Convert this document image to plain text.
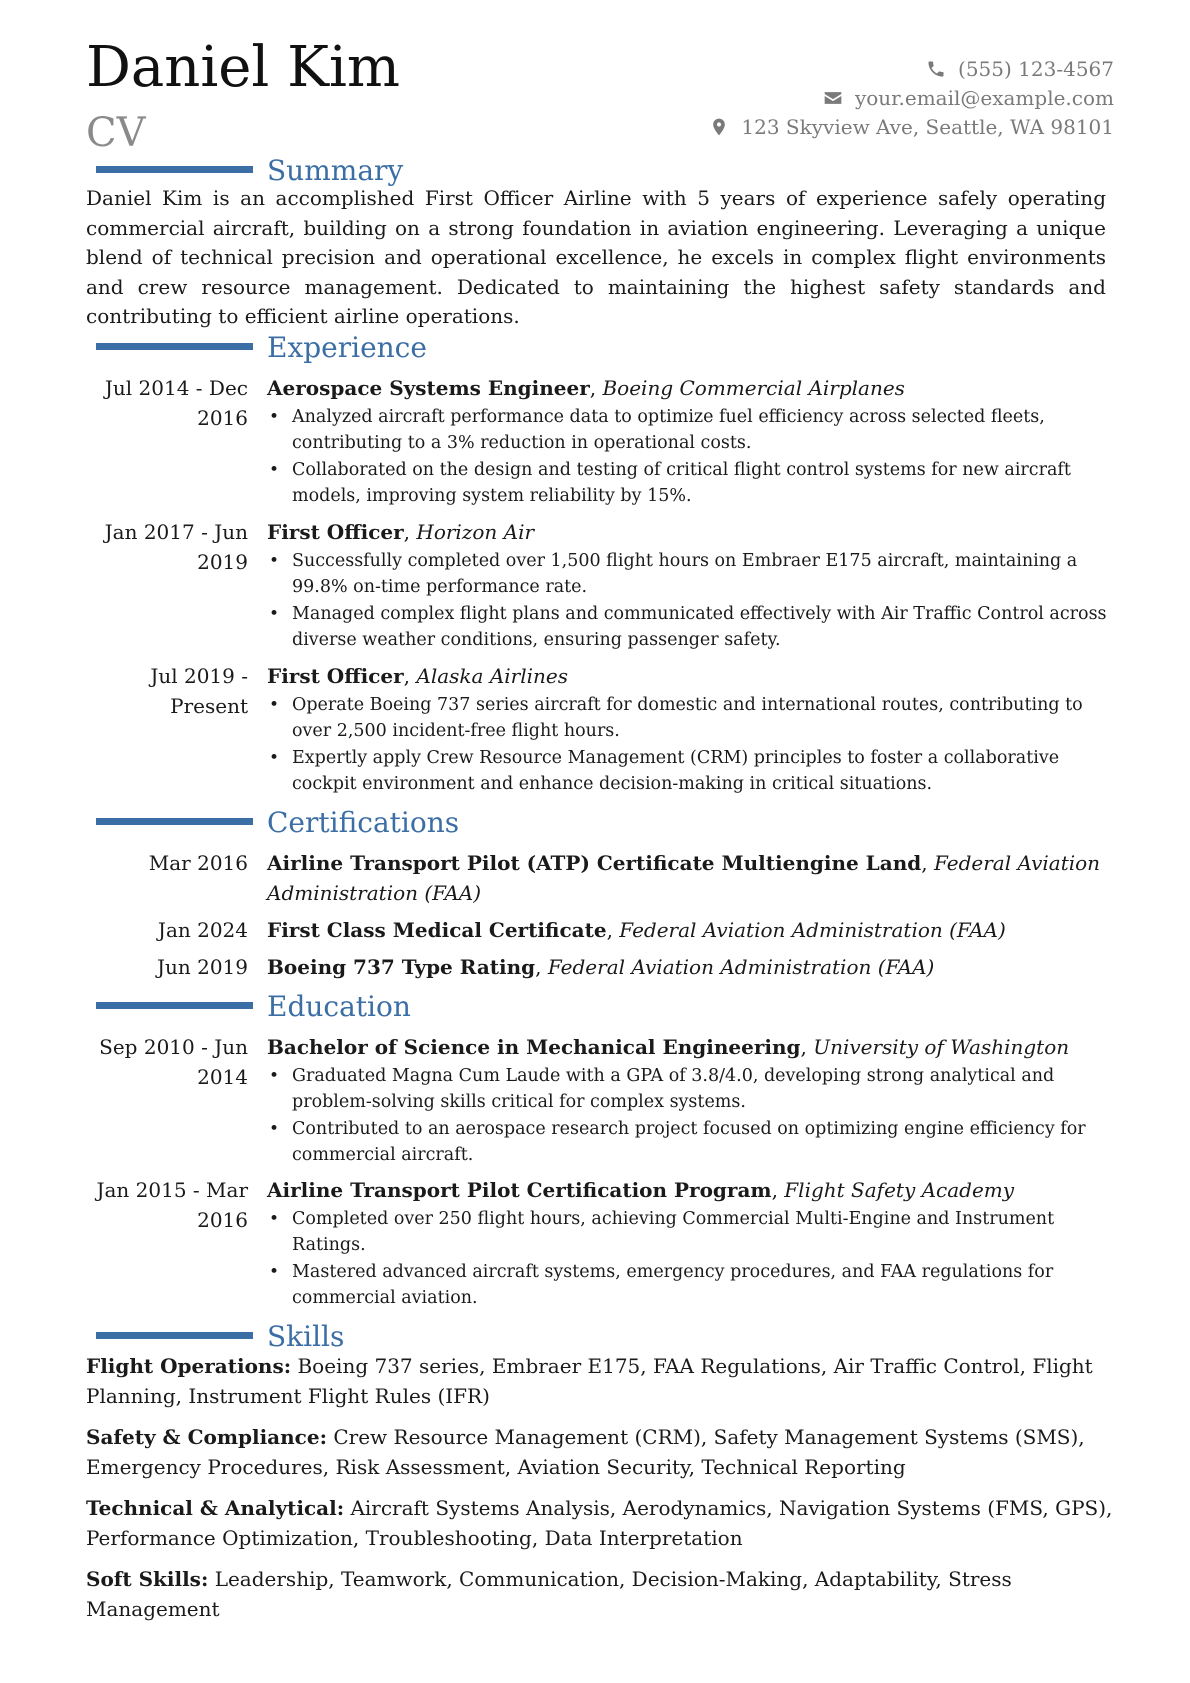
Daniel Kim
CV
(555) 123-4567
your.email@example.com
123 Skyview Ave, Seattle, WA 98101
Summary
Daniel Kim is an accomplished First Officer Airline with 5 years of experience safely operating commercial aircraft, building on a strong foundation in aviation engineering. Leveraging a unique blend of technical precision and operational excellence, he excels in complex flight environments and crew resource management. Dedicated to maintaining the highest safety standards and contributing to efficient airline operations.
Experience
Jul 2014 - Dec 2016
Aerospace Systems Engineer, Boeing Commercial Airplanes
• Analyzed aircraft performance data to optimize fuel efficiency across selected fleets, contributing to a 3% reduction in operational costs.
• Collaborated on the design and testing of critical flight control systems for new aircraft models, improving system reliability by 15%.
Jan 2017 - Jun 2019
First Officer, Horizon Air
• Successfully completed over 1,500 flight hours on Embraer E175 aircraft, maintaining a 99.8% on-time performance rate.
• Managed complex flight plans and communicated effectively with Air Traffic Control across diverse weather conditions, ensuring passenger safety.
Jul 2019 - Present
First Officer, Alaska Airlines
• Operate Boeing 737 series aircraft for domestic and international routes, contributing to over 2,500 incident-free flight hours.
• Expertly apply Crew Resource Management (CRM) principles to foster a collaborative cockpit environment and enhance decision-making in critical situations.
Certifications
Mar 2016 Airline Transport Pilot (ATP) Certificate Multiengine Land, Federal Aviation Administration (FAA)
Jan 2024 First Class Medical Certificate, Federal Aviation Administration (FAA)
Jun 2019 Boeing 737 Type Rating, Federal Aviation Administration (FAA)
Education
Sep 2010 - Jun 2014
Bachelor of Science in Mechanical Engineering, University of Washington
• Graduated Magna Cum Laude with a GPA of 3.8/4.0, developing strong analytical and problem-solving skills critical for complex systems.
• Contributed to an aerospace research project focused on optimizing engine efficiency for commercial aircraft.
Jan 2015 - Mar 2016
Airline Transport Pilot Certification Program, Flight Safety Academy
• Completed over 250 flight hours, achieving Commercial Multi-Engine and Instrument Ratings.
• Mastered advanced aircraft systems, emergency procedures, and FAA regulations for commercial aviation.
Skills
Flight Operations: Boeing 737 series, Embraer E175, FAA Regulations, Air Traffic Control, Flight Planning, Instrument Flight Rules (IFR)
Safety & Compliance: Crew Resource Management (CRM), Safety Management Systems (SMS), Emergency Procedures, Risk Assessment, Aviation Security, Technical Reporting
Technical & Analytical: Aircraft Systems Analysis, Aerodynamics, Navigation Systems (FMS, GPS), Performance Optimization, Troubleshooting, Data Interpretation
Soft Skills: Leadership, Teamwork, Communication, Decision-Making, Adaptability, Stress Management
